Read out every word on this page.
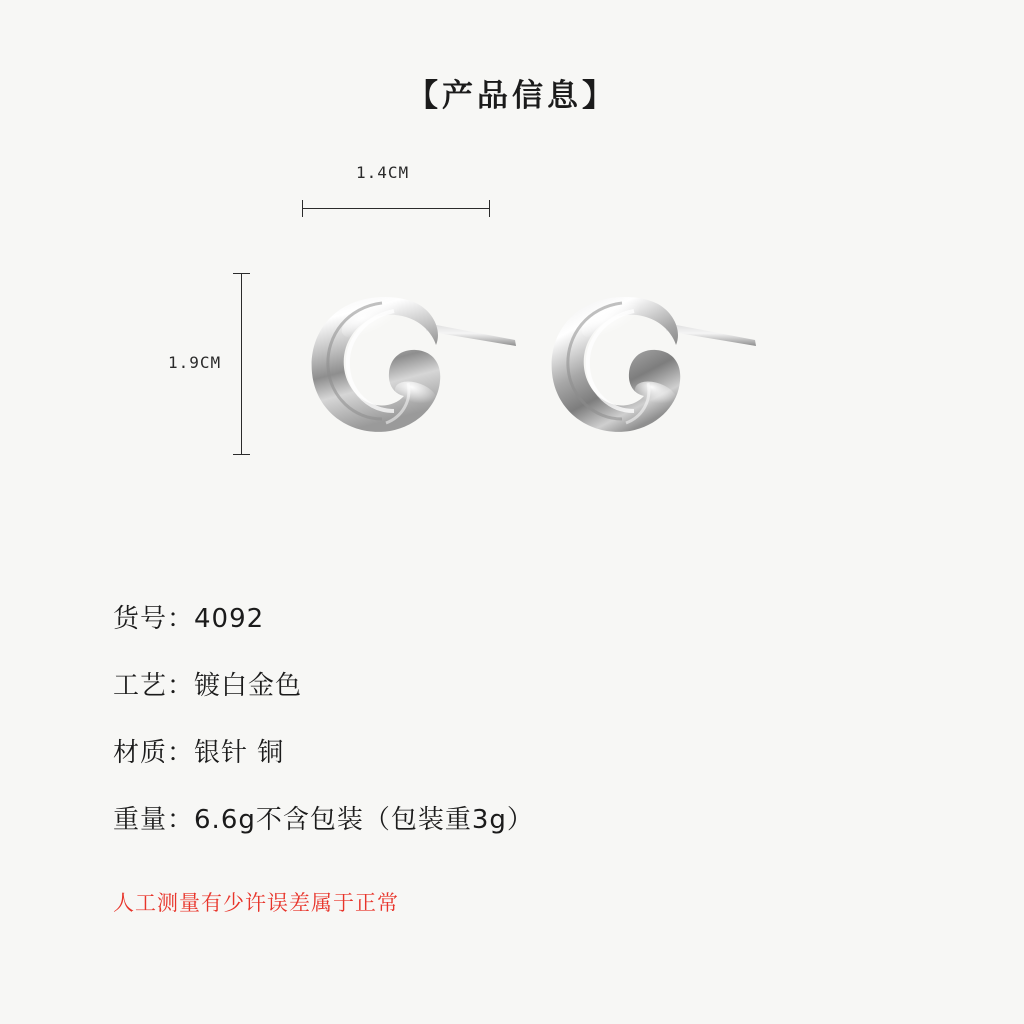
【产品信息】
1.4CM
1.9CM
货号：4092
工艺：镀白金色
材质：银针 铜
重量：6.6g不含包装（包装重3g）
人工测量有少许误差属于正常
